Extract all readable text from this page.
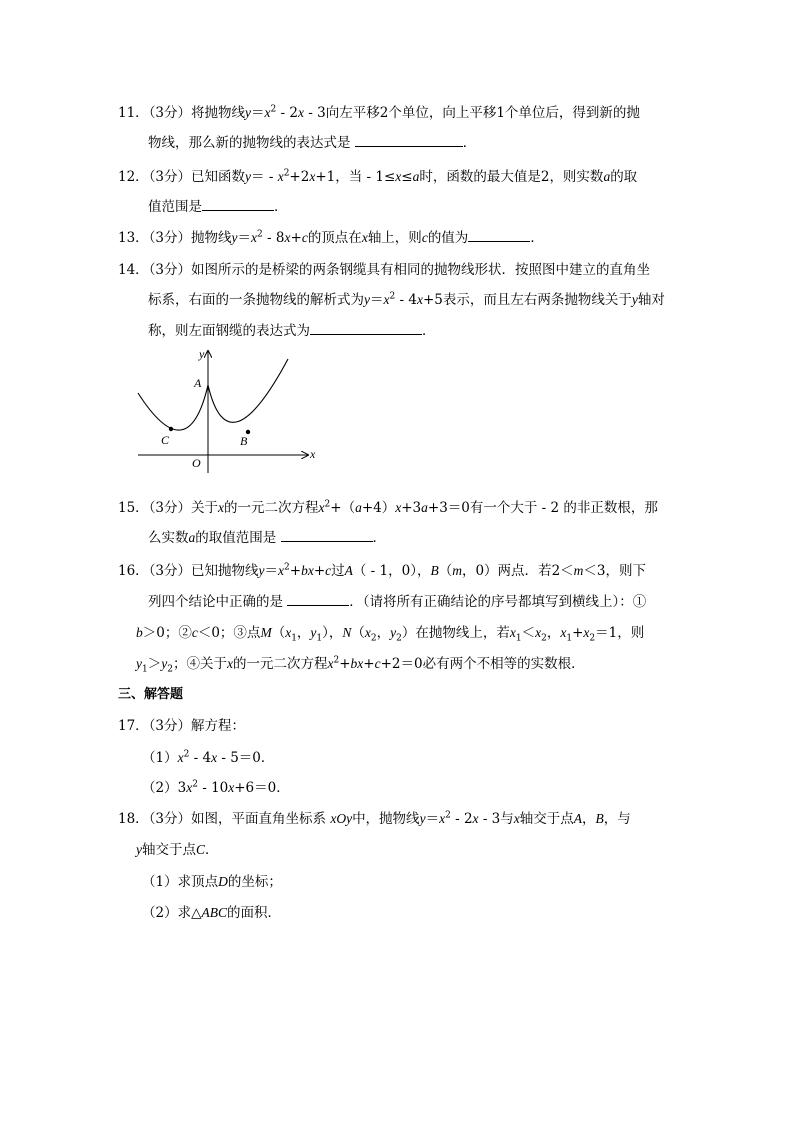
11．（3分）将抛物线$y=x^2 - 2x - 3$向左平移2个单位，向上平移1个单位后，得到新的抛
物线，那么新的抛物线的表达式是	．
12．（3分）已知函数$y= - x^2+2x+1$，当 - 1≤x≤a时，函数的最大值是2，则实数a的取
值范围是	．
13．（3分）抛物线$y=x^2 - 8x+c$的顶点在x轴上，则c的值为	．
14．（3分）如图所示的是桥梁的两条钢缆具有相同的抛物线形状．按照图中建立的直角坐
标系，右面的一条抛物线的解析式为$y=x^2 - 4x+5$表示，而且左右两条抛物线关于y轴对
称，则左面钢缆的表达式为	．
y
x
A
B
C
O
15．（3分）关于x的一元二次方程$x^2+(a+4)x+3a+3=0$有一个大于 - 2 的非正数根，那
么实数a的取值范围是	．
16．（3分）已知抛物线$y=x^2+bx+c$过A（ - 1，0），B（m，0）两点．若2＜m＜3，则下
列四个结论中正确的是	．（请将所有正确结论的序号都填写到横线上）：①
b＞0；②c＜0；③点$M(x_1$，$y_1$），$N(x_2$，$y_2$）在抛物线上，若$x_1<x_2$，$x_1+x_2=1$，则
$y_1>y_2$；④关于x的一元二次方程$x^2+bx+c+2=0$必有两个不相等的实数根．
三、解答题
17．（3分）解方程：
$(1)x^2 - 4x - 5=0$．
$(2)3x^2 - 10x+6=0$．
18．（3分）如图，平面直角坐标系 xOy中，抛物线$y=x^2 - 2x - 3$与x轴交于点A，B，与
y轴交于点C．
（1）求顶点D的坐标；
（2）求△ABC的面积．
